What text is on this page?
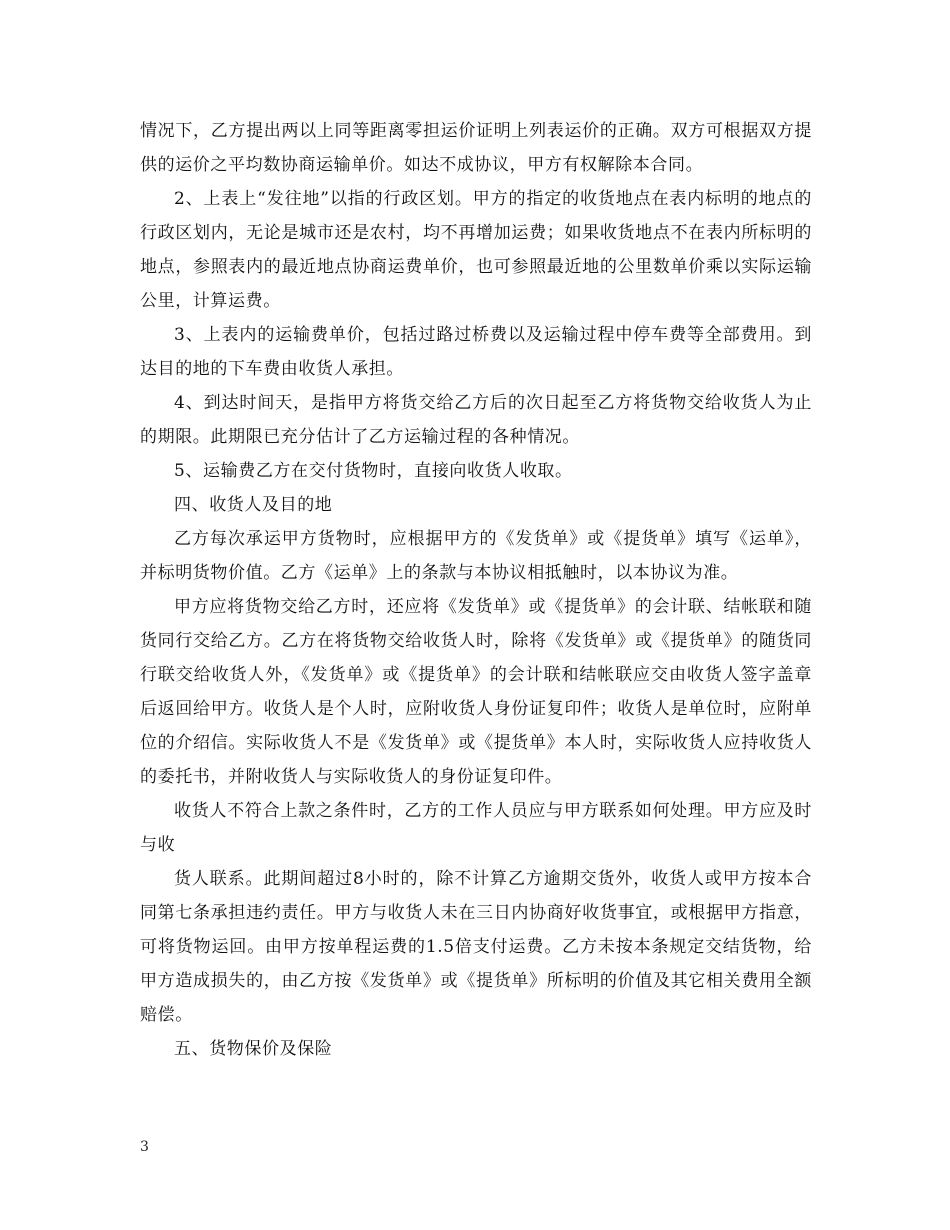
情况下，乙方提出两以上同等距离零担运价证明上列表运价的正确。双方可根据双方提供的运价之平均数协商运输单价。如达不成协议，甲方有权解除本合同。

2、上表上“发往地”以指的行政区划。甲方的指定的收货地点在表内标明的地点的行政区划内，无论是城市还是农村，均不再增加运费；如果收货地点不在表内所标明的地点，参照表内的最近地点协商运费单价，也可参照最近地的公里数单价乘以实际运输公里，计算运费。

3、上表内的运输费单价，包括过路过桥费以及运输过程中停车费等全部费用。到达目的地的下车费由收货人承担。

4、到达时间天，是指甲方将货交给乙方后的次日起至乙方将货物交给收货人为止的期限。此期限已充分估计了乙方运输过程的各种情况。

5、运输费乙方在交付货物时，直接向收货人收取。

四、收货人及目的地

乙方每次承运甲方货物时，应根据甲方的《发货单》或《提货单》填写《运单》，并标明货物价值。乙方《运单》上的条款与本协议相抵触时，以本协议为准。

甲方应将货物交给乙方时，还应将《发货单》或《提货单》的会计联、结帐联和随货同行交给乙方。乙方在将货物交给收货人时，除将《发货单》或《提货单》的随货同行联交给收货人外，《发货单》或《提货单》的会计联和结帐联应交由收货人签字盖章后返回给甲方。收货人是个人时，应附收货人身份证复印件；收货人是单位时，应附单位的介绍信。实际收货人不是《发货单》或《提货单》本人时，实际收货人应持收货人的委托书，并附收货人与实际收货人的身份证复印件。

收货人不符合上款之条件时，乙方的工作人员应与甲方联系如何处理。甲方应及时与收

货人联系。此期间超过8小时的，除不计算乙方逾期交货外，收货人或甲方按本合同第七条承担违约责任。甲方与收货人未在三日内协商好收货事宜，或根据甲方指意，可将货物运回。由甲方按单程运费的1.5倍支付运费。乙方未按本条规定交结货物，给甲方造成损失的，由乙方按《发货单》或《提货单》所标明的价值及其它相关费用全额赔偿。

五、货物保价及保险

3
